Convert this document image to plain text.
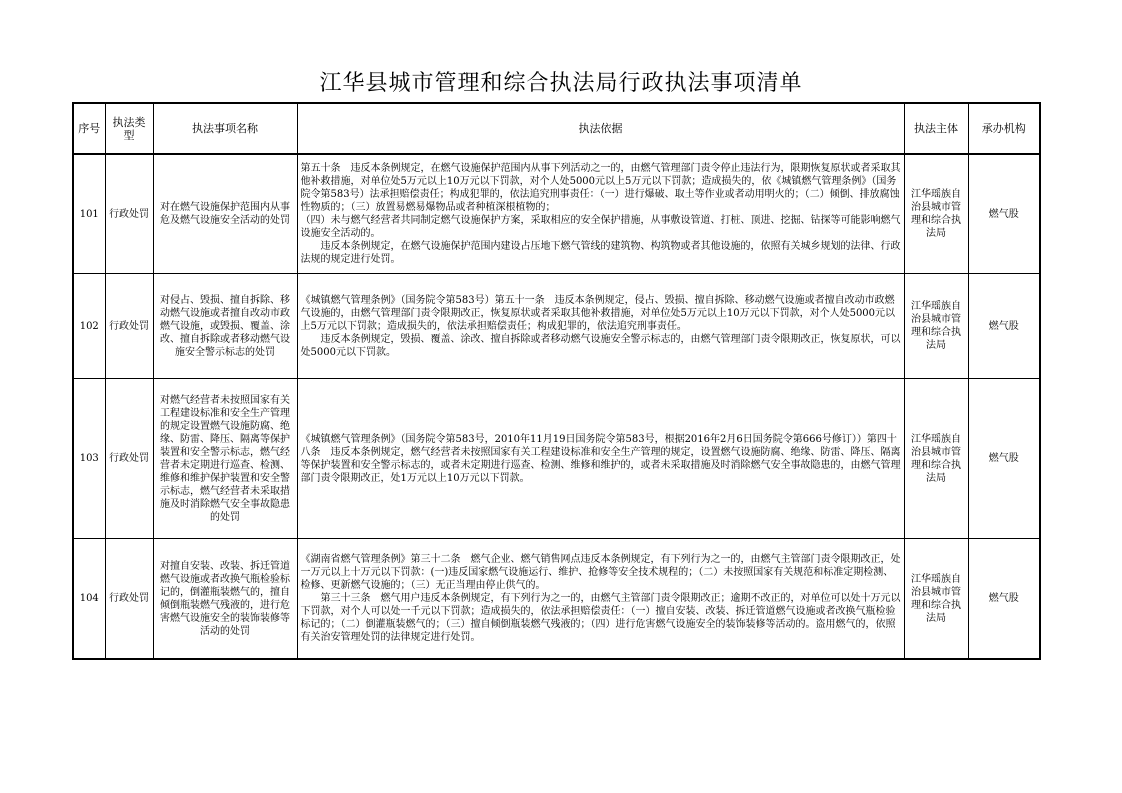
江华县城市管理和综合执法局行政执法事项清单
序号	执法类型	执法事项名称	执法依据	执法主体	承办机构
101	行政处罚	对在燃气设施保护范围内从事危及燃气设施安全活动的处罚	第五十条　违反本条例规定，在燃气设施保护范围内从事下列活动之一的，由燃气管理部门责令停止违法行为，限期恢复原状或者采取其他补救措施，对单位处5万元以上10万元以下罚款，对个人处5000元以上5万元以下罚款；造成损失的，依《城镇燃气管理条例》（国务院令第583号）法承担赔偿责任；构成犯罪的，依法追究刑事责任：（一）进行爆破、取土等作业或者动用明火的；（二）倾倒、排放腐蚀性物质的；（三）放置易燃易爆物品或者种植深根植物的；

（四）未与燃气经营者共同制定燃气设施保护方案，采取相应的安全保护措施，从事敷设管道、打桩、顶进、挖掘、钻探等可能影响燃气设施安全活动的。

　　违反本条例规定，在燃气设施保护范围内建设占压地下燃气管线的建筑物、构筑物或者其他设施的，依照有关城乡规划的法律、行政法规的规定进行处罚。	江华瑶族自治县城市管理和综合执法局	燃气股
102	行政处罚	对侵占、毁损、擅自拆除、移动燃气设施或者擅自改动市政燃气设施，或毁损、覆盖、涂改、擅自拆除或者移动燃气设施安全警示标志的处罚	《城镇燃气管理条例》（国务院令第583号）第五十一条　违反本条例规定，侵占、毁损、擅自拆除、移动燃气设施或者擅自改动市政燃气设施的，由燃气管理部门责令限期改正，恢复原状或者采取其他补救措施，对单位处5万元以上10万元以下罚款，对个人处5000元以上5万元以下罚款；造成损失的，依法承担赔偿责任；构成犯罪的，依法追究刑事责任。

　　违反本条例规定，毁损、覆盖、涂改、擅自拆除或者移动燃气设施安全警示标志的，由燃气管理部门责令限期改正，恢复原状，可以处5000元以下罚款。	江华瑶族自治县城市管理和综合执法局	燃气股
103	行政处罚	对燃气经营者未按照国家有关工程建设标准和安全生产管理的规定设置燃气设施防腐、绝缘、防雷、降压、隔离等保护装置和安全警示标志，燃气经营者未定期进行巡查、检测、维修和维护保护装置和安全警示标志，燃气经营者未采取措施及时消除燃气安全事故隐患的处罚	《城镇燃气管理条例》（国务院令第583号，2010年11月19日国务院令第583号，根据2016年2月6日国务院令第666号修订））第四十八条　违反本条例规定，燃气经营者未按照国家有关工程建设标准和安全生产管理的规定，设置燃气设施防腐、绝缘、防雷、降压、隔离等保护装置和安全警示标志的，或者未定期进行巡查、检测、维修和维护的，或者未采取措施及时消除燃气安全事故隐患的，由燃气管理部门责令限期改正，处1万元以上10万元以下罚款。	江华瑶族自治县城市管理和综合执法局	燃气股
104	行政处罚	对擅自安装、改装、拆迁管道燃气设施或者改换气瓶检验标记的，倒灌瓶装燃气的，擅自倾倒瓶装燃气残液的，进行危害燃气设施安全的装饰装修等活动的处罚	《湖南省燃气管理条例》第三十二条　燃气企业、燃气销售网点违反本条例规定，有下列行为之一的，由燃气主管部门责令限期改正，处一万元以上十万元以下罚款：(一)违反国家燃气设施运行、维护、抢修等安全技术规程的；（二）未按照国家有关规范和标准定期检测、检修、更新燃气设施的；（三）无正当理由停止供气的。

　　第三十三条　燃气用户违反本条例规定，有下列行为之一的，由燃气主管部门责令限期改正；逾期不改正的，对单位可以处十万元以下罚款，对个人可以处一千元以下罚款；造成损失的，依法承担赔偿责任：（一）擅自安装、改装、拆迁管道燃气设施或者改换气瓶检验标记的；（二）倒灌瓶装燃气的；（三）擅自倾倒瓶装燃气残液的；（四）进行危害燃气设施安全的装饰装修等活动的。盗用燃气的，依照有关治安管理处罚的法律规定进行处罚。	江华瑶族自治县城市管理和综合执法局	燃气股
